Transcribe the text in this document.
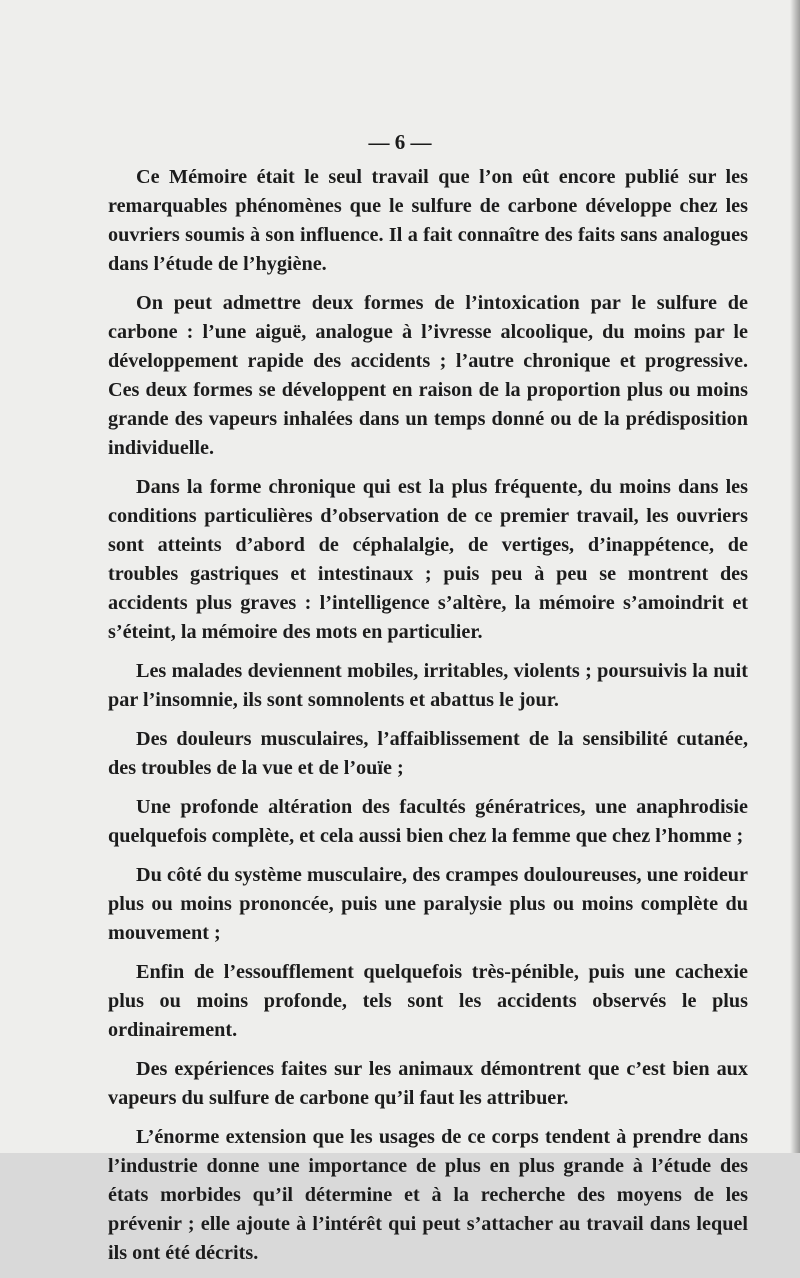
— 6 —

Ce Mémoire était le seul travail que l’on eût encore publié sur les remarquables phénomènes que le sulfure de carbone développe chez les ouvriers soumis à son influence. Il a fait connaître des faits sans analogues dans l’étude de l’hygiène.

On peut admettre deux formes de l’intoxication par le sulfure de carbone : l’une aiguë, analogue à l’ivresse alcoolique, du moins par le développement rapide des accidents ; l’autre chronique et progressive. Ces deux formes se développent en raison de la proportion plus ou moins grande des vapeurs inhalées dans un temps donné ou de la prédisposition individuelle.

Dans la forme chronique qui est la plus fréquente, du moins dans les conditions particulières d’observation de ce premier travail, les ouvriers sont atteints d’abord de céphalalgie, de vertiges, d’inappétence, de troubles gastriques et intestinaux ; puis peu à peu se montrent des accidents plus graves : l’intelligence s’altère, la mémoire s’amoindrit et s’éteint, la mémoire des mots en particulier.

Les malades deviennent mobiles, irritables, violents ; poursuivis la nuit par l’insomnie, ils sont somnolents et abattus le jour.

Des douleurs musculaires, l’affaiblissement de la sensibilité cutanée, des troubles de la vue et de l’ouïe ;

Une profonde altération des facultés génératrices, une anaphrodisie quelquefois complète, et cela aussi bien chez la femme que chez l’homme ;

Du côté du système musculaire, des crampes douloureuses, une roideur plus ou moins prononcée, puis une paralysie plus ou moins complète du mouvement ;

Enfin de l’essoufflement quelquefois très-pénible, puis une cachexie plus ou moins profonde, tels sont les accidents observés le plus ordinairement.

Des expériences faites sur les animaux démontrent que c’est bien aux vapeurs du sulfure de carbone qu’il faut les attribuer.

L’énorme extension que les usages de ce corps tendent à prendre dans l’industrie donne une importance de plus en plus grande à l’étude des états morbides qu’il détermine et à la recherche des moyens de les prévenir ; elle ajoute à l’intérêt qui peut s’attacher au travail dans lequel ils ont été décrits.
